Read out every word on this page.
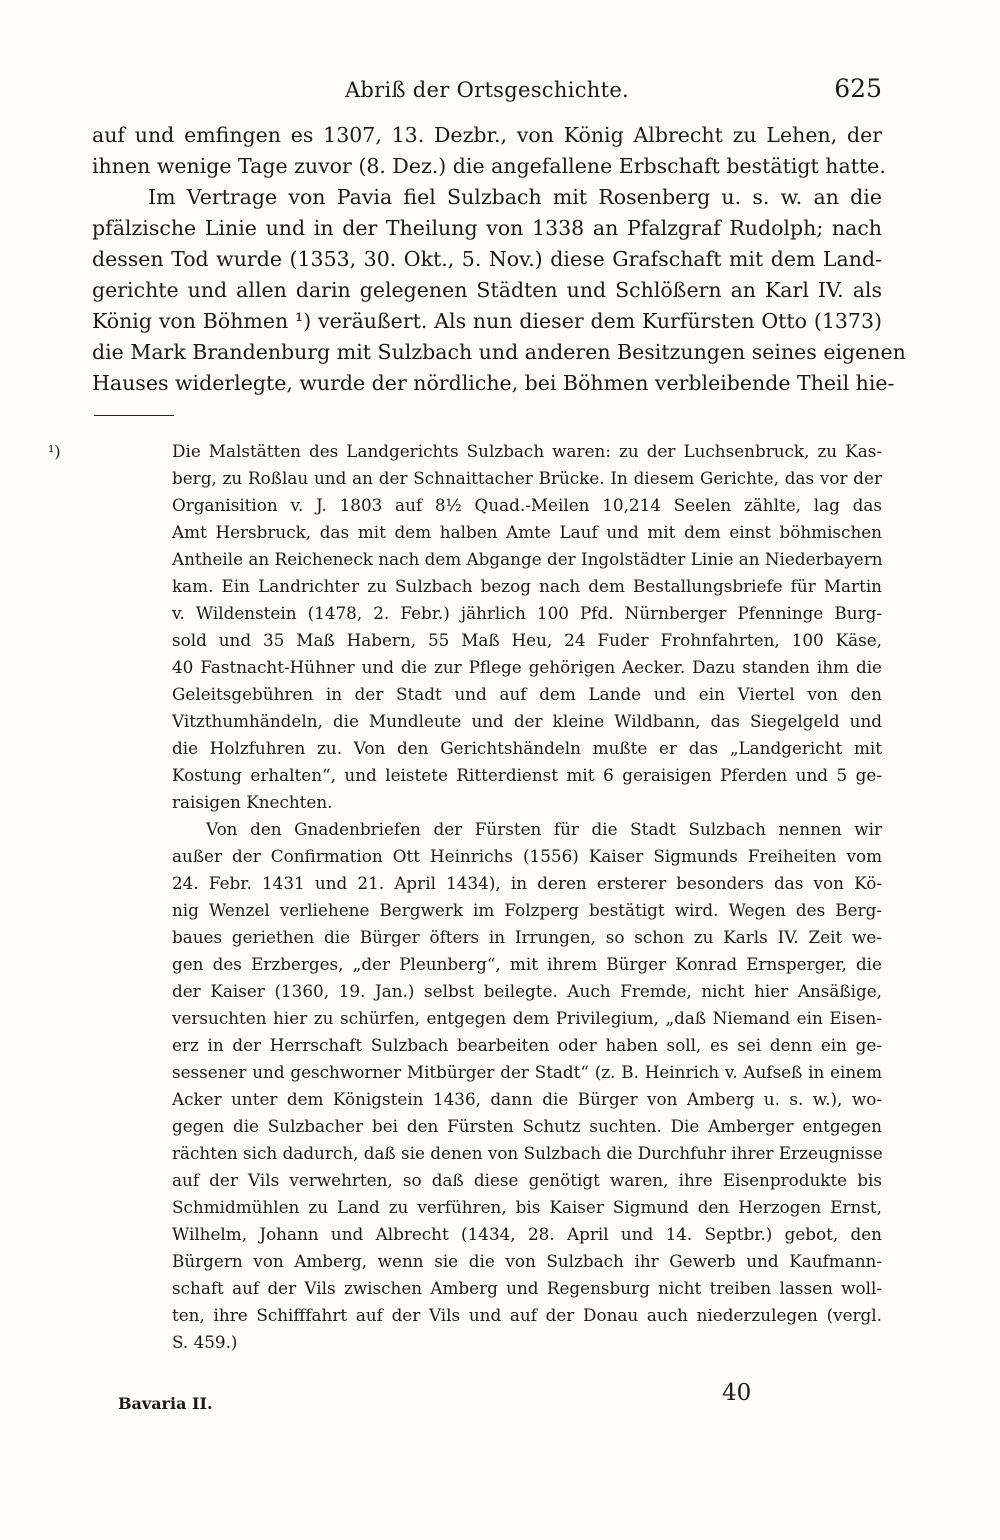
Abriß der Ortsgeschichte.	625
auf und emfingen es 1307, 13. Dezbr., von König Albrecht zu Lehen, der
ihnen wenige Tage zuvor (8. Dez.) die angefallene Erbschaft bestätigt hatte.
Im Vertrage von Pavia fiel Sulzbach mit Rosenberg u. s. w. an die
pfälzische Linie und in der Theilung von 1338 an Pfalzgraf Rudolph; nach
dessen Tod wurde (1353, 30. Okt., 5. Nov.) diese Grafschaft mit dem Land-
gerichte und allen darin gelegenen Städten und Schlößern an Karl IV. als
König von Böhmen ¹) veräußert. Als nun dieser dem Kurfürsten Otto (1373)
die Mark Brandenburg mit Sulzbach und anderen Besitzungen seines eigenen
Hauses widerlegte, wurde der nördliche, bei Böhmen verbleibende Theil hie-
¹)	Die Malstätten des Landgerichts Sulzbach waren: zu der Luchsenbruck, zu Kas-
berg, zu Roßlau und an der Schnaittacher Brücke. In diesem Gerichte, das vor der
Organisition v. J. 1803 auf 8½ Quad.-Meilen 10,214 Seelen zählte, lag das
Amt Hersbruck, das mit dem halben Amte Lauf und mit dem einst böhmischen
Antheile an Reicheneck nach dem Abgange der Ingolstädter Linie an Niederbayern
kam. Ein Landrichter zu Sulzbach bezog nach dem Bestallungsbriefe für Martin
v. Wildenstein (1478, 2. Febr.) jährlich 100 Pfd. Nürnberger Pfenninge Burg-
sold und 35 Maß Habern, 55 Maß Heu, 24 Fuder Frohnfahrten, 100 Käse,
40 Fastnacht-Hühner und die zur Pflege gehörigen Aecker. Dazu standen ihm die
Geleitsgebühren in der Stadt und auf dem Lande und ein Viertel von den
Vitzthumhändeln, die Mundleute und der kleine Wildbann, das Siegelgeld und
die Holzfuhren zu. Von den Gerichtshändeln mußte er das „Landgericht mit
Kostung erhalten“, und leistete Ritterdienst mit 6 geraisigen Pferden und 5 ge-
raisigen Knechten.
Von den Gnadenbriefen der Fürsten für die Stadt Sulzbach nennen wir
außer der Confirmation Ott Heinrichs (1556) Kaiser Sigmunds Freiheiten vom
24. Febr. 1431 und 21. April 1434), in deren ersterer besonders das von Kö-
nig Wenzel verliehene Bergwerk im Folzperg bestätigt wird. Wegen des Berg-
baues geriethen die Bürger öfters in Irrungen, so schon zu Karls IV. Zeit we-
gen des Erzberges, „der Pleunberg“, mit ihrem Bürger Konrad Ernsperger, die
der Kaiser (1360, 19. Jan.) selbst beilegte. Auch Fremde, nicht hier Ansäßige,
versuchten hier zu schürfen, entgegen dem Privilegium, „daß Niemand ein Eisen-
erz in der Herrschaft Sulzbach bearbeiten oder haben soll, es sei denn ein ge-
sessener und geschworner Mitbürger der Stadt“ (z. B. Heinrich v. Aufseß in einem
Acker unter dem Königstein 1436, dann die Bürger von Amberg u. s. w.), wo-
gegen die Sulzbacher bei den Fürsten Schutz suchten. Die Amberger entgegen
rächten sich dadurch, daß sie denen von Sulzbach die Durchfuhr ihrer Erzeugnisse
auf der Vils verwehrten, so daß diese genötigt waren, ihre Eisenprodukte bis
Schmidmühlen zu Land zu verführen, bis Kaiser Sigmund den Herzogen Ernst,
Wilhelm, Johann und Albrecht (1434, 28. April und 14. Septbr.) gebot, den
Bürgern von Amberg, wenn sie die von Sulzbach ihr Gewerb und Kaufmann-
schaft auf der Vils zwischen Amberg und Regensburg nicht treiben lassen woll-
ten, ihre Schifffahrt auf der Vils und auf der Donau auch niederzulegen (vergl.
S. 459.)
Bavaria II.	40
